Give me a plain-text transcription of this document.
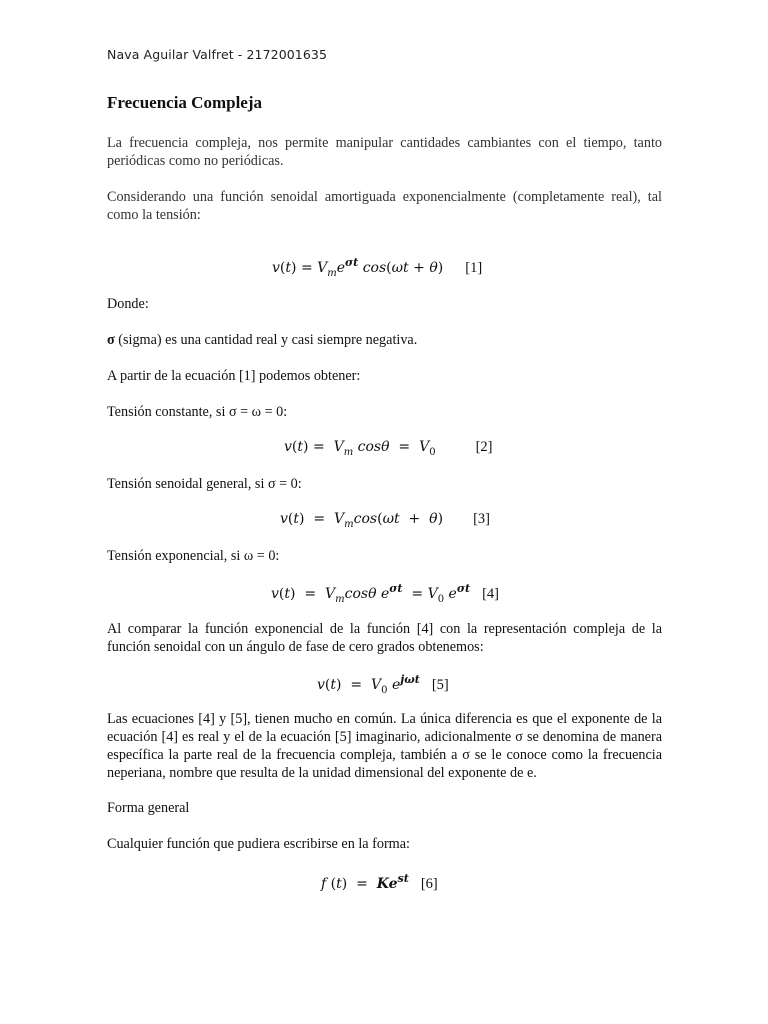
Nava Aguilar Valfret - 2172001635
Frecuencia Compleja

La frecuencia compleja, nos permite manipular cantidades cambiantes con el tiempo, tanto periódicas como no periódicas.

Considerando una función senoidal amortiguada exponencialmente (completamente real), tal como la tensión:

$v(t) = V_me^{\sigma t}$ cos(ωt + θ) [1]

Donde:

σ (sigma) es una cantidad real y casi siempre negativa.

A partir de la ecuación [1] podemos obtener:

Tensión constante, si σ = ω = 0:

$v(t) = V_m$ $\cos\theta = V_0$	[2]

Tensión senoidal general, si σ = 0:

$v(t) = V_m\cos(\omega t + \theta)$ [3]

Tensión exponencial, si ω = 0:

$v(t) = V_m\cos\theta$ $e^{\sigma t} = V_0$ $e^{\sigma t}$ [4]

Al comparar la función exponencial de la función [4] con la representación compleja de la función senoidal con un ángulo de fase de cero grados obtenemos:

$v(t) = V_0$ $e^{j\omega t}$ [5]

Las ecuaciones [4] y [5], tienen mucho en común. La única diferencia es que el exponente de la ecuación [4] es real y el de la ecuación [5] imaginario, adicionalmente σ se denomina de manera específica la parte real de la frecuencia compleja, también a σ se le conoce como la frecuencia neperiana, nombre que resulta de la unidad dimensional del exponente de e.

Forma general

Cualquier función que pudiera escribirse en la forma:

f $(t) = Ke^{st}$ [6]
